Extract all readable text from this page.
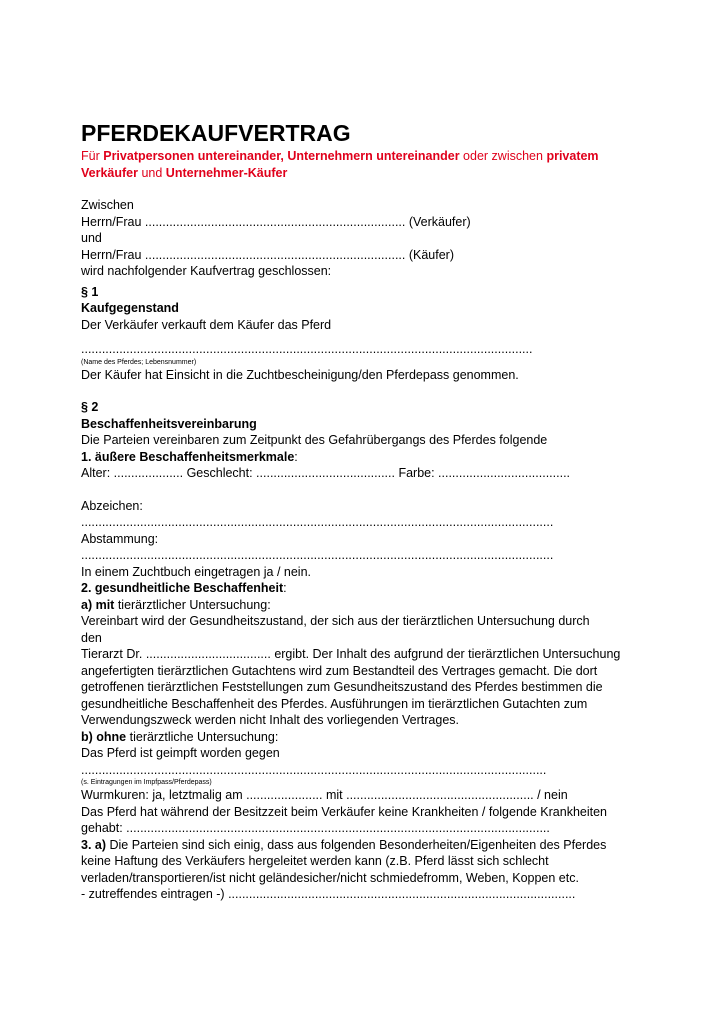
PFERDEKAUFVERTRAG

Für Privatpersonen untereinander, Unternehmern untereinander oder zwischen privatem Verkäufer und Unternehmer-Käufer

Zwischen
Herrn/Frau ........................................................................... (Verkäufer)
und
Herrn/Frau ........................................................................... (Käufer)
wird nachfolgender Kaufvertrag geschlossen:
§ 1
Kaufgegenstand
Der Verkäufer verkauft dem Käufer das Pferd
..................................................................................................................................
(Name des Pferdes; Lebensnummer)
Der Käufer hat Einsicht in die Zuchtbescheinigung/den Pferdepass genommen.
§ 2
Beschaffenheitsvereinbarung
Die Parteien vereinbaren zum Zeitpunkt des Gefahrübergangs des Pferdes folgende
1. äußere Beschaffenheitsmerkmale:
Alter: .................... Geschlecht: ........................................ Farbe: ......................................
Abzeichen:
........................................................................................................................................
Abstammung:
........................................................................................................................................
In einem Zuchtbuch eingetragen ja / nein.
2. gesundheitliche Beschaffenheit:
a) mit tierärztlicher Untersuchung:
Vereinbart wird der Gesundheitszustand, der sich aus der tierärztlichen Untersuchung durch
den
Tierarzt Dr. .................................... ergibt. Der Inhalt des aufgrund der tierärztlichen Untersuchung
angefertigten tierärztlichen Gutachtens wird zum Bestandteil des Vertrages gemacht. Die dort
getroffenen tierärztlichen Feststellungen zum Gesundheitszustand des Pferdes bestimmen die
gesundheitliche Beschaffenheit des Pferdes. Ausführungen im tierärztlichen Gutachten zum
Verwendungszweck werden nicht Inhalt des vorliegenden Vertrages.
b) ohne tierärztliche Untersuchung:
Das Pferd ist geimpft worden gegen
......................................................................................................................................
(s. Eintragungen im Impfpass/Pferdepass)
Wurmkuren: ja, letztmalig am ...................... mit ...................................................... / nein
Das Pferd hat während der Besitzzeit beim Verkäufer keine Krankheiten / folgende Krankheiten
gehabt: ..........................................................................................................................
3. a) Die Parteien sind sich einig, dass aus folgenden Besonderheiten/Eigenheiten des Pferdes
keine Haftung des Verkäufers hergeleitet werden kann (z.B. Pferd lässt sich schlecht
verladen/transportieren/ist nicht geländesicher/nicht schmiedefromm, Weben, Koppen etc.
- zutreffendes eintragen -) ....................................................................................................
